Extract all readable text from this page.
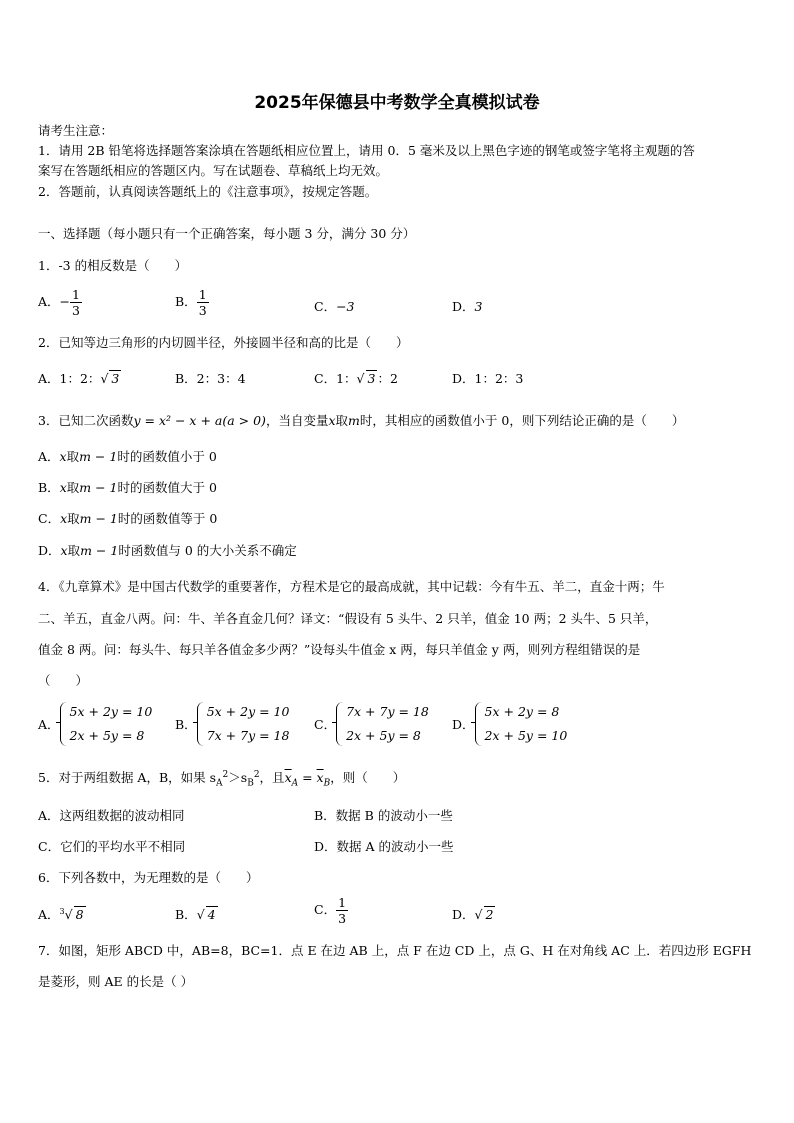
2025年保德县中考数学全真模拟试卷
请考生注意：
1．请用 2B 铅笔将选择题答案涂填在答题纸相应位置上，请用 0．5 毫米及以上黑色字迹的钢笔或签字笔将主观题的答
案写在答题纸相应的答题区内。写在试题卷、草稿纸上均无效。
2．答题前，认真阅读答题纸上的《注意事项》，按规定答题。
一、选择题（每小题只有一个正确答案，每小题 3 分，满分 30 分）
1．-3 的相反数是（　　）
A．− $\frac{1}{3}$	B． $\frac{1}{3}$	C．−3	D．3
2．已知等边三角形的内切圆半径，外接圆半径和高的比是（　　）
A．1：2：√ 3	B．2：3：4	C．1：√ 3 ：2	D．1：2：3
3．已知二次函数y = x² − x + a(a > 0)，当自变量x取m时，其相应的函数值小于 0，则下列结论正确的是（　　）
A．x取m − 1时的函数值小于 0
B．x取m − 1时的函数值大于 0
C．x取m − 1时的函数值等于 0
D．x取m − 1时函数值与 0 的大小关系不确定
4．《九章算术》是中国古代数学的重要著作，方程术是它的最高成就，其中记载：今有牛五、羊二，直金十两；牛
二、羊五，直金八两。问：牛、羊各直金几何？译文：“假设有 5 头牛、2 只羊，值金 10 两；2 头牛、5 只羊，
值金 8 两。问：每头牛、每只羊各值金多少两？”设每头牛值金 x 两，每只羊值金 y 两，则列方程组错误的是
（　　）
A．
5x + 2y = 10
2x + 5y = 8
B．
5x + 2y = 10
7x + 7y = 18
C．
7x + 7y = 18
2x + 5y = 8
D．
5x + 2y = 8
2x + 5y = 10
5．对于两组数据 A，B，如果 $s_A^2>s_B^2$，且$\overline{x}_A = \overline{x}_B$，则（　　）
A．这两组数据的波动相同	B．数据 B 的波动小一些
C．它们的平均水平不相同	D．数据 A 的波动小一些
6．下列各数中，为无理数的是（　　）
A．$^3$√ 8	B．√ 4	C． $\frac{1}{3}$	D．√ 2
7．如图，矩形 ABCD 中，AB=8，BC=1．点 E 在边 AB 上，点 F 在边 CD 上，点 G、H 在对角线 AC 上．若四边形 EGFH
是菱形，则 AE 的长是（ ）
